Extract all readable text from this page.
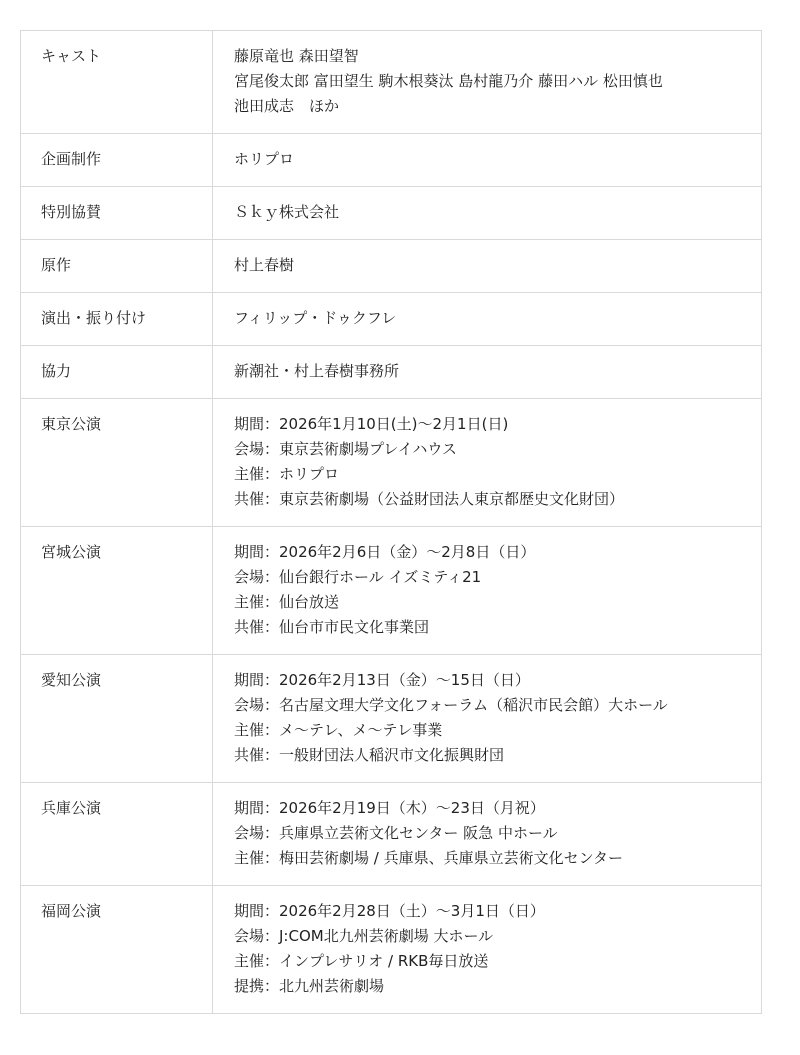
キャスト	藤原竜也 森田望智
宮尾俊太郎 富田望生 駒木根葵汰 島村龍乃介 藤田ハル 松田慎也
池田成志　ほか

企画制作	ホリプロ

特別協賛	Ｓｋｙ株式会社

原作	村上春樹

演出・振り付け	フィリップ・ドゥクフレ

協力	新潮社・村上春樹事務所

東京公演	期間：2026年1月10日(土)～2月1日(日)
会場：東京芸術劇場プレイハウス
主催：ホリプロ
共催：東京芸術劇場（公益財団法人東京都歴史文化財団）

宮城公演	期間：2026年2月6日（金）～2月8日（日）
会場：仙台銀行ホール イズミティ21
主催：仙台放送
共催：仙台市市民文化事業団

愛知公演	期間：2026年2月13日（金）～15日（日）
会場：名古屋文理大学文化フォーラム（稲沢市民会館）大ホール
主催：メ～テレ、メ～テレ事業
共催：一般財団法人稲沢市文化振興財団

兵庫公演	期間：2026年2月19日（木）～23日（月祝）
会場：兵庫県立芸術文化センター 阪急 中ホール
主催：梅田芸術劇場 / 兵庫県、兵庫県立芸術文化センター

福岡公演	期間：2026年2月28日（土）～3月1日（日）
会場：J:COM北九州芸術劇場 大ホール
主催：インプレサリオ / RKB毎日放送
提携：北九州芸術劇場
